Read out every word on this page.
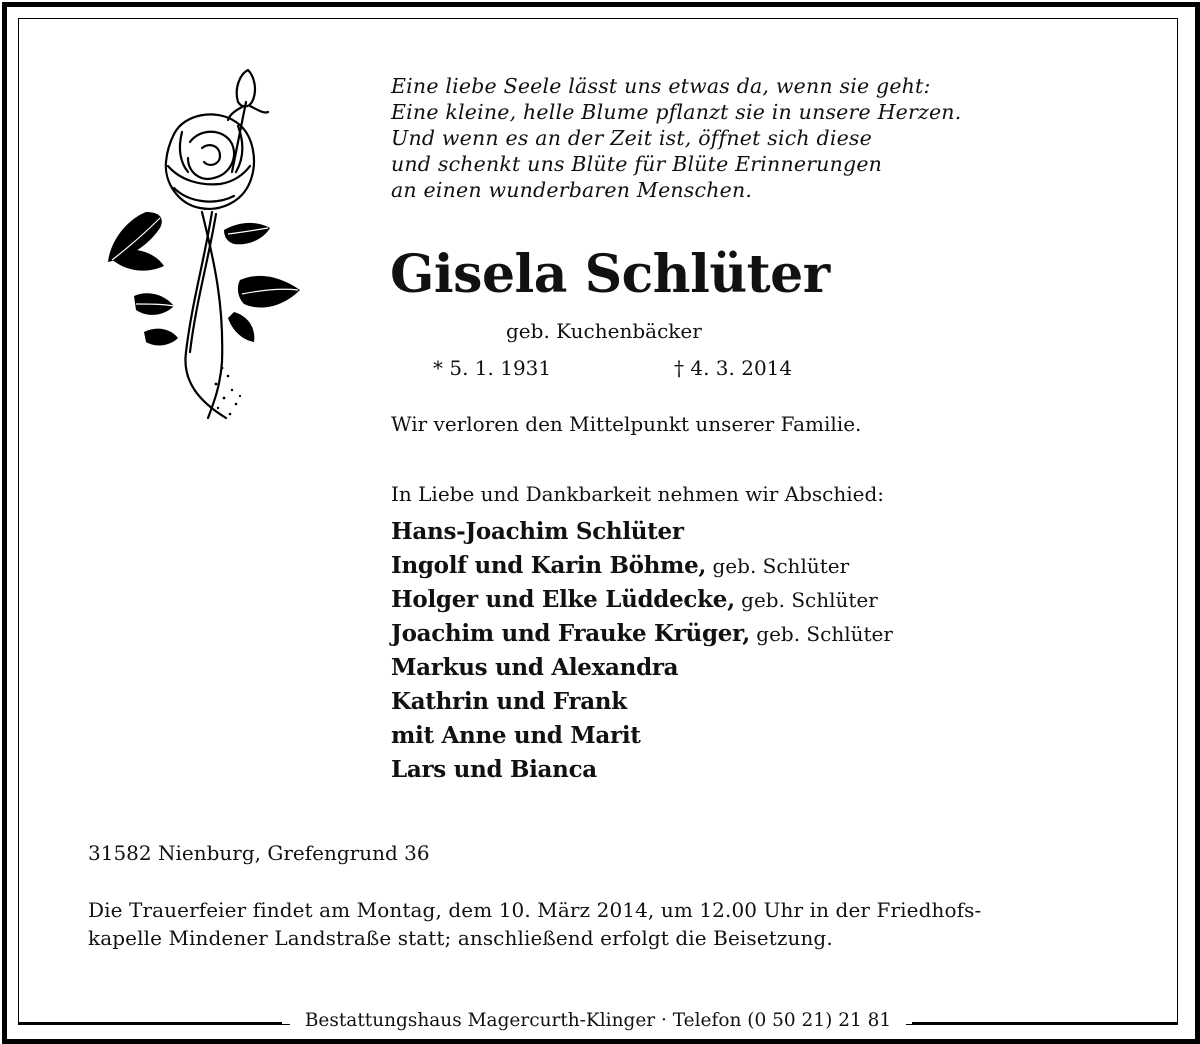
Eine liebe Seele lässt uns etwas da, wenn sie geht:
Eine kleine, helle Blume pflanzt sie in unsere Herzen.
Und wenn es an der Zeit ist, öffnet sich diese
und schenkt uns Blüte für Blüte Erinnerungen
an einen wunderbaren Menschen.
Gisela Schlüter
geb. Kuchenbäcker
* 5. 1. 1931	† 4. 3. 2014
Wir verloren den Mittelpunkt unserer Familie.
In Liebe und Dankbarkeit nehmen wir Abschied:
Hans-Joachim Schlüter
Ingolf und Karin Böhme, geb. Schlüter
Holger und Elke Lüddecke, geb. Schlüter
Joachim und Frauke Krüger, geb. Schlüter
Markus und Alexandra
Kathrin und Frank
mit Anne und Marit
Lars und Bianca
31582 Nienburg, Grefengrund 36
Die Trauerfeier findet am Montag, dem 10. März 2014, um 12.00 Uhr in der Friedhofs-
kapelle Mindener Landstraße statt; anschließend erfolgt die Beisetzung.
Bestattungshaus Magercurth-Klinger · Telefon (0 50 21) 21 81
